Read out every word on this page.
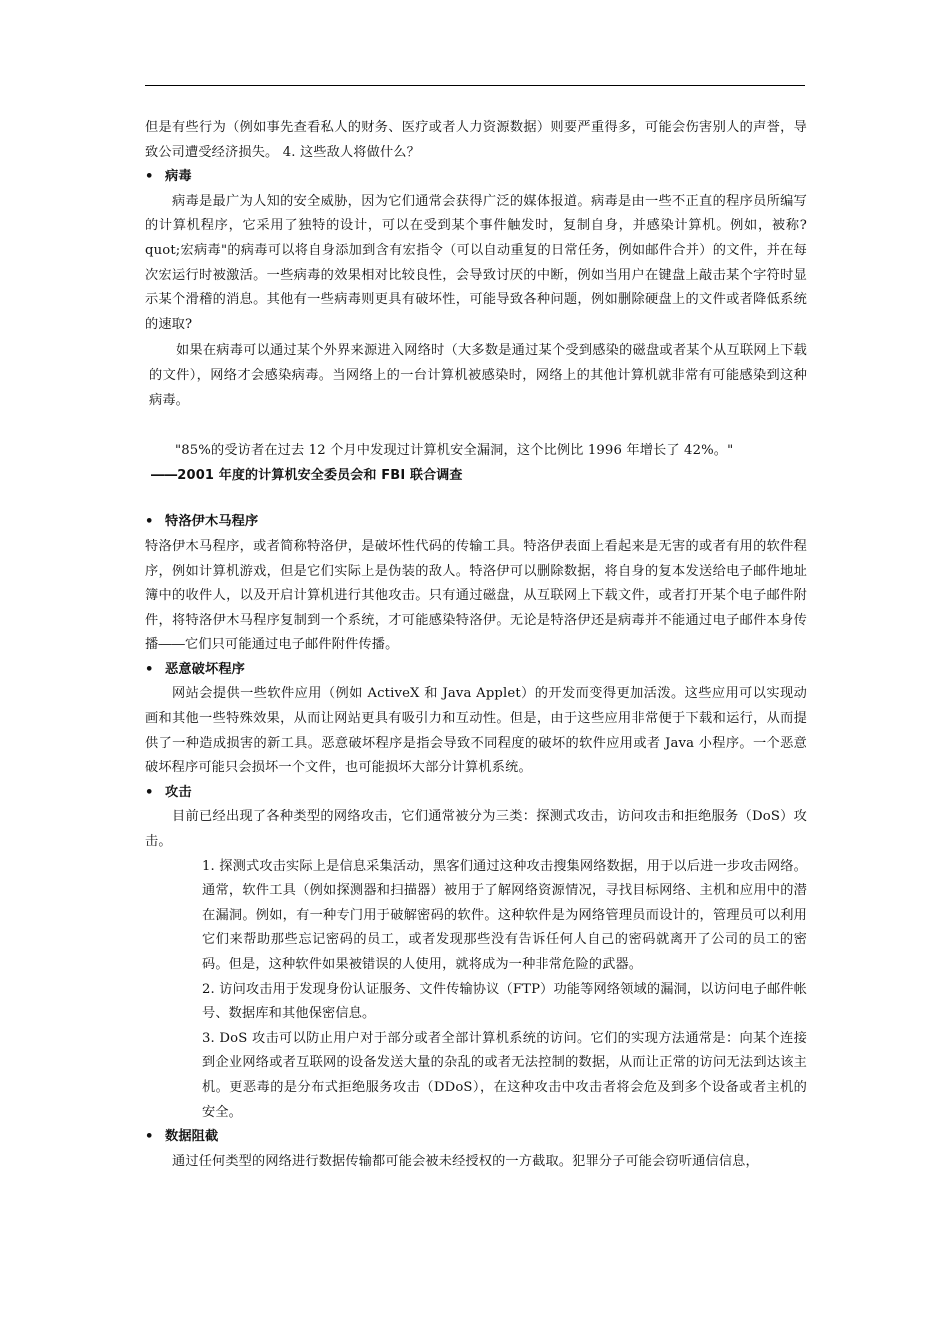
但是有些行为（例如事先查看私人的财务、医疗或者人力资源数据）则要严重得多，可能会伤害别人的声誉，导致公司遭受经济损失。 4. 这些敌人将做什么？

• 病毒

病毒是最广为人知的安全威胁，因为它们通常会获得广泛的媒体报道。病毒是由一些不正直的程序员所编写的计算机程序，它采用了独特的设计，可以在受到某个事件触发时，复制自身，并感染计算机。例如，被称?quot;宏病毒"的病毒可以将自身添加到含有宏指令（可以自动重复的日常任务，例如邮件合并）的文件，并在每次宏运行时被激活。一些病毒的效果相对比较良性，会导致讨厌的中断，例如当用户在键盘上敲击某个字符时显示某个滑稽的消息。其他有一些病毒则更具有破坏性，可能导致各种问题，例如删除硬盘上的文件或者降低系统的速取?

如果在病毒可以通过某个外界来源进入网络时（大多数是通过某个受到感染的磁盘或者某个从互联网上下载的文件），网络才会感染病毒。当网络上的一台计算机被感染时，网络上的其他计算机就非常有可能感染到这种病毒。

"85%的受访者在过去 12 个月中发现过计算机安全漏洞，这个比例比 1996 年增长了 42%。"

――2001 年度的计算机安全委员会和 FBI 联合调查

• 特洛伊木马程序

特洛伊木马程序，或者简称特洛伊，是破坏性代码的传输工具。特洛伊表面上看起来是无害的或者有用的软件程序，例如计算机游戏，但是它们实际上是伪装的敌人。特洛伊可以删除数据，将自身的复本发送给电子邮件地址簿中的收件人，以及开启计算机进行其他攻击。只有通过磁盘，从互联网上下载文件，或者打开某个电子邮件附件，将特洛伊木马程序复制到一个系统，才可能感染特洛伊。无论是特洛伊还是病毒并不能通过电子邮件本身传播――它们只可能通过电子邮件附件传播。

• 恶意破坏程序

网站会提供一些软件应用（例如 ActiveX 和 Java Applet）的开发而变得更加活泼。这些应用可以实现动画和其他一些特殊效果，从而让网站更具有吸引力和互动性。但是，由于这些应用非常便于下载和运行，从而提供了一种造成损害的新工具。恶意破坏程序是指会导致不同程度的破坏的软件应用或者 Java 小程序。一个恶意破坏程序可能只会损坏一个文件，也可能损坏大部分计算机系统。

• 攻击

目前已经出现了各种类型的网络攻击，它们通常被分为三类：探测式攻击，访问攻击和拒绝服务（DoS）攻击。

1. 探测式攻击实际上是信息采集活动，黑客们通过这种攻击搜集网络数据，用于以后进一步攻击网络。通常，软件工具（例如探测器和扫描器）被用于了解网络资源情况，寻找目标网络、主机和应用中的潜在漏洞。例如，有一种专门用于破解密码的软件。这种软件是为网络管理员而设计的，管理员可以利用它们来帮助那些忘记密码的员工，或者发现那些没有告诉任何人自己的密码就离开了公司的员工的密码。但是，这种软件如果被错误的人使用，就将成为一种非常危险的武器。

2. 访问攻击用于发现身份认证服务、文件传输协议（FTP）功能等网络领域的漏洞，以访问电子邮件帐号、数据库和其他保密信息。

3. DoS 攻击可以防止用户对于部分或者全部计算机系统的访问。它们的实现方法通常是：向某个连接到企业网络或者互联网的设备发送大量的杂乱的或者无法控制的数据，从而让正常的访问无法到达该主机。更恶毒的是分布式拒绝服务攻击（DDoS），在这种攻击中攻击者将会危及到多个设备或者主机的安全。

• 数据阻截

通过任何类型的网络进行数据传输都可能会被未经授权的一方截取。犯罪分子可能会窃听通信信息，
